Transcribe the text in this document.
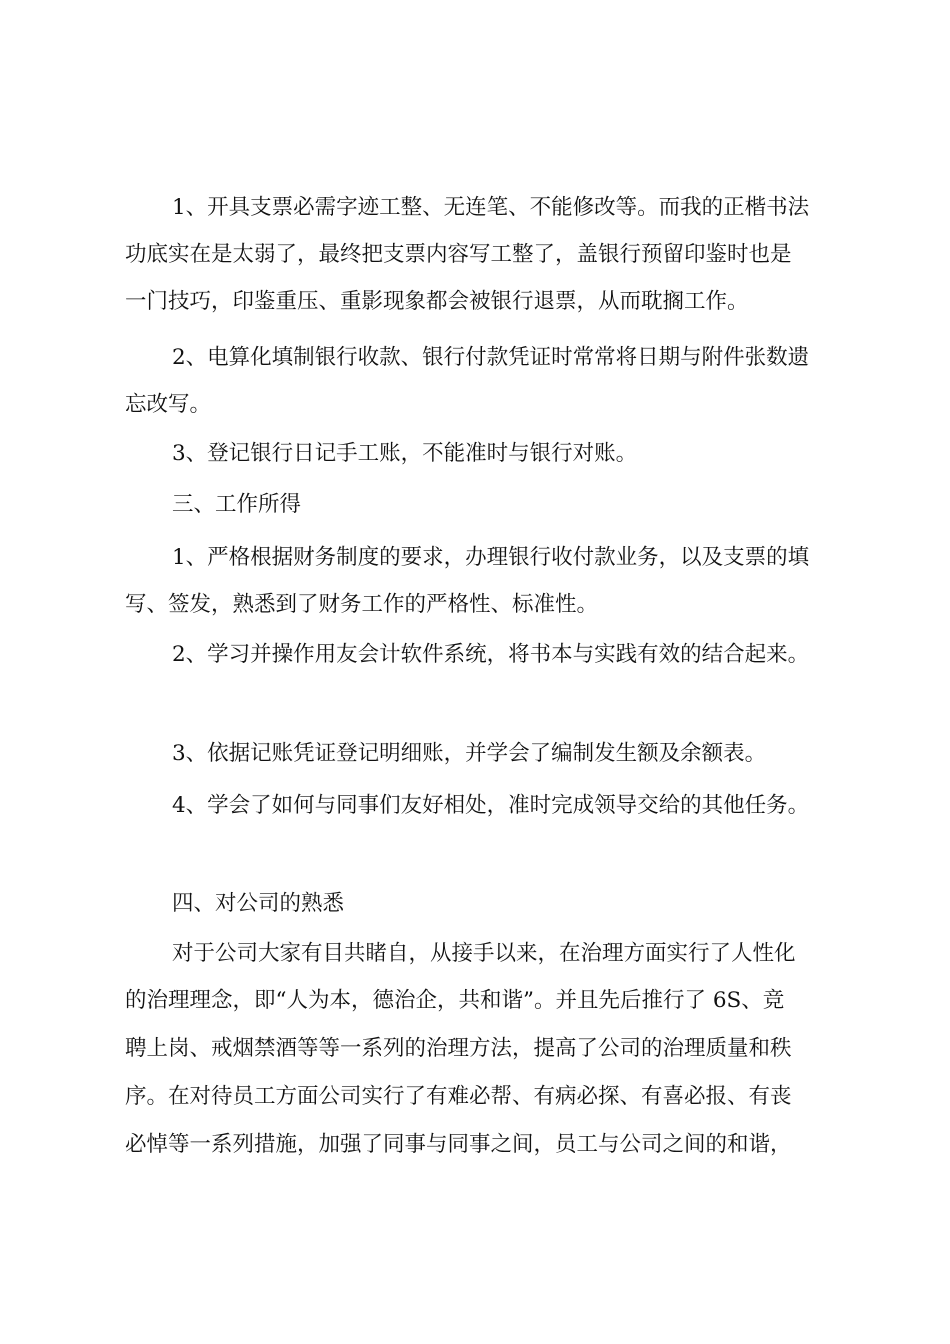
1、开具支票必需字迹工整、无连笔、不能修改等。而我的正楷书法
功底实在是太弱了，最终把支票内容写工整了，盖银行预留印鉴时也是
一门技巧，印鉴重压、重影现象都会被银行退票，从而耽搁工作。
2、电算化填制银行收款、银行付款凭证时常常将日期与附件张数遗
忘改写。
3、登记银行日记手工账，不能准时与银行对账。
三、工作所得
1、严格根据财务制度的要求，办理银行收付款业务，以及支票的填
写、签发，熟悉到了财务工作的严格性、标准性。
2、学习并操作用友会计软件系统，将书本与实践有效的结合起来。
3、依据记账凭证登记明细账，并学会了编制发生额及余额表。
4、学会了如何与同事们友好相处，准时完成领导交给的其他任务。
四、对公司的熟悉
对于公司大家有目共睹自，从接手以来，在治理方面实行了人性化
的治理理念，即“人为本，德治企，共和谐”。并且先后推行了 6S、竞
聘上岗、戒烟禁酒等等一系列的治理方法，提高了公司的治理质量和秩
序。在对待员工方面公司实行了有难必帮、有病必探、有喜必报、有丧
必悼等一系列措施，加强了同事与同事之间，员工与公司之间的和谐，
